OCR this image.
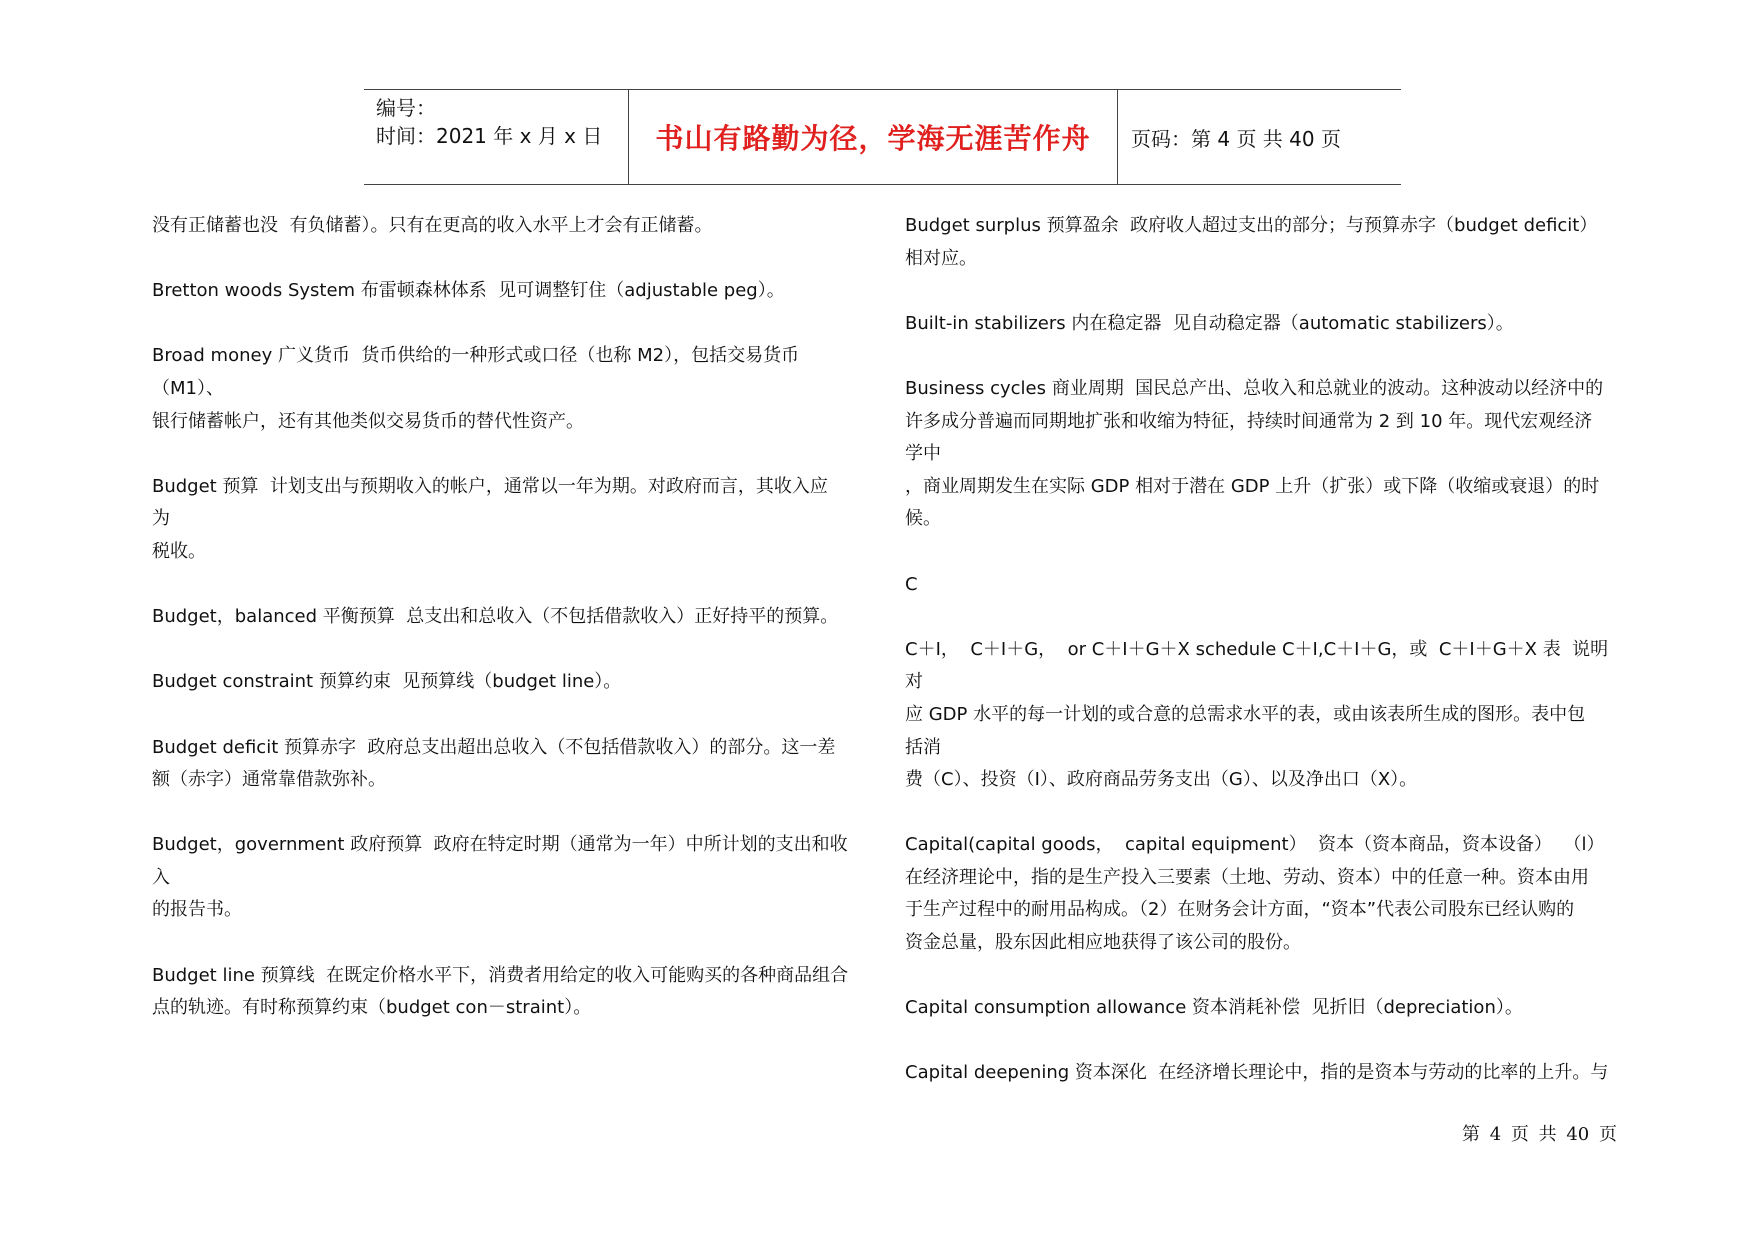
编号：
时间：2021 年 x 月 x 日	书山有路勤为径，学海无涯苦作舟	页码：第 4 页 共 40 页
没有正储蓄也没  有负储蓄）。只有在更高的收入水平上才会有正储蓄。
Bretton woods System 布雷顿森林体系  见可调整钉住（adjustable peg）。
Broad money 广义货币  货币供给的一种形式或口径（也称 M2），包括交易货币
（M1）、
银行储蓄帐户，还有其他类似交易货币的替代性资产。
Budget 预算  计划支出与预期收入的帐户，通常以一年为期。对政府而言，其收入应
为
税收。
Budget，balanced 平衡预算  总支出和总收入（不包括借款收入）正好持平的预算。
Budget constraint 预算约束  见预算线（budget line）。
Budget deficit 预算赤字  政府总支出超出总收入（不包括借款收入）的部分。这一差
额（赤字）通常靠借款弥补。
Budget，government 政府预算  政府在特定时期（通常为一年）中所计划的支出和收
入
的报告书。
Budget line 预算线  在既定价格水平下，消费者用给定的收入可能购买的各种商品组合
点的轨迹。有时称预算约束（budget con－straint）。
Budget surplus 预算盈余  政府收人超过支出的部分；与预算赤字（budget deficit）
相对应。
Built-in stabilizers 内在稳定器  见自动稳定器（automatic stabilizers）。
Business cycles 商业周期  国民总产出、总收入和总就业的波动。这种波动以经济中的
许多成分普遍而同期地扩张和收缩为特征，持续时间通常为 2 到 10 年。现代宏观经济
学中
，商业周期发生在实际 GDP 相对于潜在 GDP 上升（扩张）或下降（收缩或衰退）的时
候。
C
C＋I，  C＋I＋G，  or C＋I＋G＋X schedule C＋I,C＋I＋G，或  C＋I＋G＋X 表  说明对
应 GDP 水平的每一计划的或合意的总需求水平的表，或由该表所生成的图形。表中包
括消
费（C）、投资（I）、政府商品劳务支出（G）、以及净出口（X）。
Capital(capital goods，  capital equipment）  资本（资本商品，资本设备）  （l）
在经济理论中，指的是生产投入三要素（土地、劳动、资本）中的任意一种。资本由用
于生产过程中的耐用品构成。（2）在财务会计方面，“资本”代表公司股东已经认购的
资金总量，股东因此相应地获得了该公司的股份。
Capital consumption allowance 资本消耗补偿  见折旧（depreciation）。
Capital deepening 资本深化  在经济增长理论中，指的是资本与劳动的比率的上升。与
第 4 页 共 40 页
